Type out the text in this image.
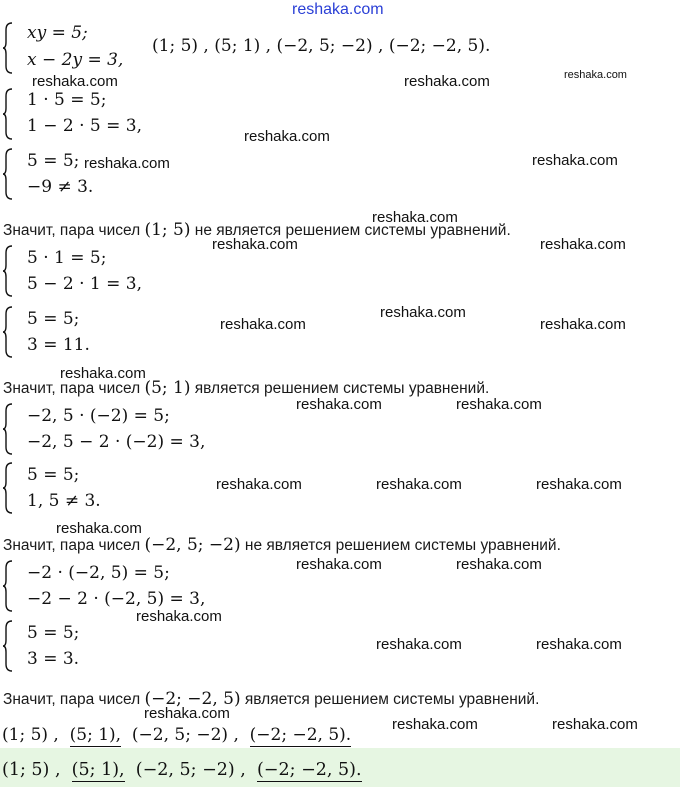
reshaka.com
xy = 5;
x − 2y = 3,
(1; 5) , (5; 1) , (−2, 5; −2) , (−2; −2, 5).
reshaka.com	reshaka.com	reshaka.com
1 · 5 = 5;
1 − 2 · 5 = 3,
reshaka.com
5 = 5; reshaka.com	reshaka.com
−9 ≠ 3.
reshaka.com
Значит, пара чисел (1; 5) не является решением системы уравнений.
reshaka.com	reshaka.com
5 · 1 = 5;
5 − 2 · 1 = 3,
5 = 5;	reshaka.com
reshaka.com	reshaka.com
3 = 11.
reshaka.com
Значит, пара чисел (5; 1) является решением системы уравнений.
−2, 5 · (−2) = 5;
reshaka.com	reshaka.com
−2, 5 − 2 · (−2) = 3,
5 = 5;	reshaka.com	reshaka.com	reshaka.com
1, 5 ≠ 3.
reshaka.com
Значит, пара чисел (−2, 5; −2) не является решением системы уравнений.
−2 · (−2, 5) = 5;	reshaka.com	reshaka.com
−2 − 2 · (−2, 5) = 3,
reshaka.com
5 = 5;
reshaka.com	reshaka.com
3 = 3.
Значит, пара чисел (−2; −2, 5) является решением системы уравнений.
reshaka.com
reshaka.com	reshaka.com
(1; 5) , (5; 1), (−2, 5; −2) , (−2; −2, 5).
(1; 5) , (5; 1), (−2, 5; −2) , (−2; −2, 5).
